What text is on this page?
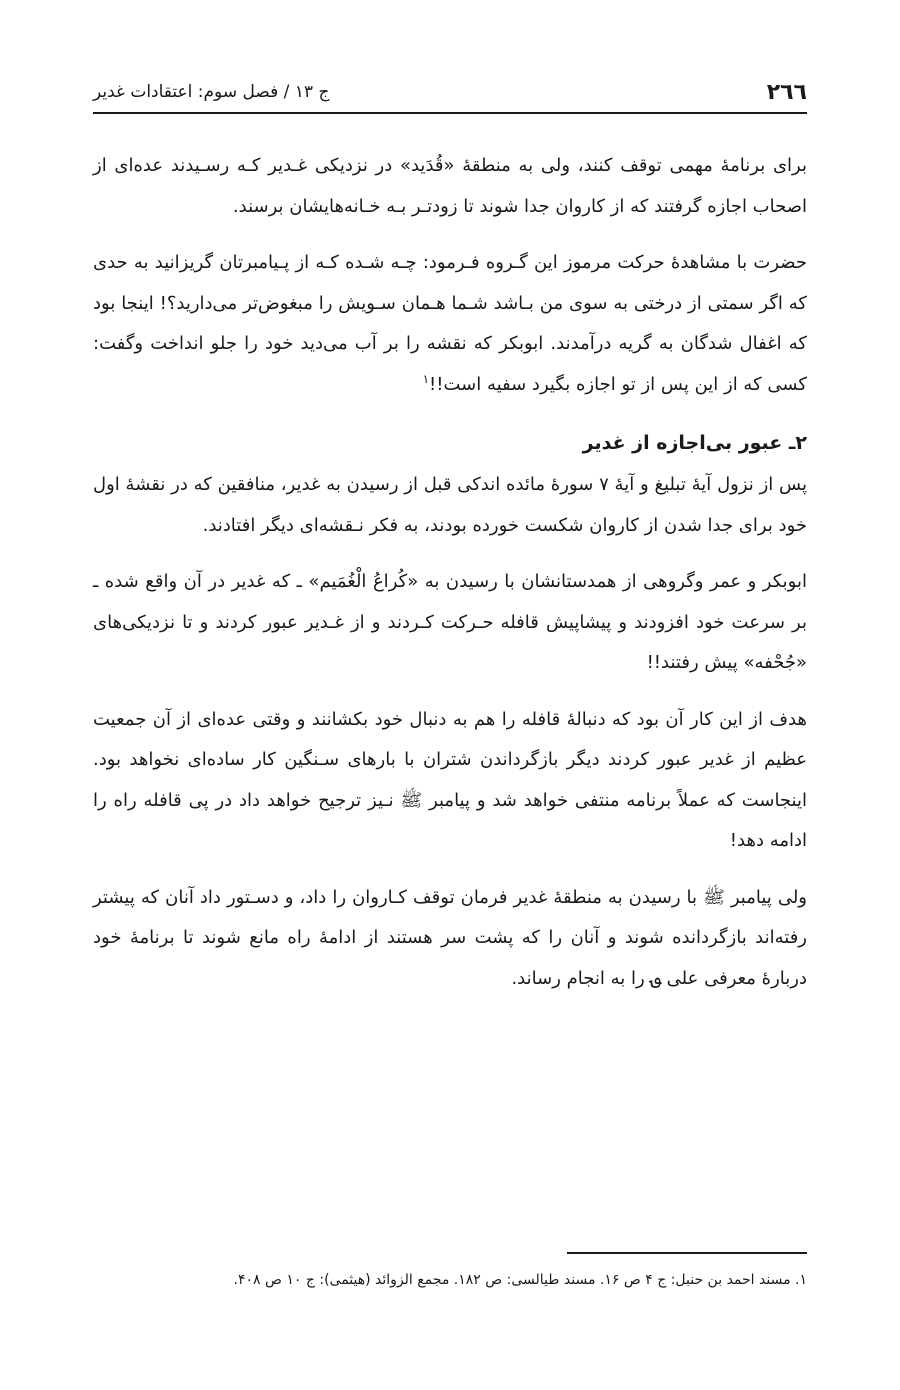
۲٦٦
ج ۱۳ / فصل سوم: اعتقادات غدیر

برای برنامۀ مهمی توقف کنند، ولی به منطقۀ «قُدَید» در نزدیکی غـدیر کـه رسـیدند عده‌ای از اصحاب اجازه گرفتند که از کاروان جدا شوند تا زودتـر بـه خـانه‌هایشان برسند.

حضرت با مشاهدۀ حرکت مرموز این گـروه فـرمود: چـه شـده کـه از پـیامبرتان گریزانید به حدی که اگر سمتی از درختی به سوی من بـاشد شـما هـمان سـویش را مبغوض‌تر می‌دارید؟! اینجا بود که اغفال شدگان به گریه درآمدند. ابوبکر که نقشه را بر آب می‌دید خود را جلو انداخت وگفت: کسی که از این پس از تو اجازه بگیرد سفیه است!!$^۱$

۲ـ عبور بی‌اجازه از غدیر

پس از نزول آیۀ تبلیغ و آیۀ ۷ سورۀ مائده اندکی قبل از رسیدن به غدیر، منافقین که در نقشۀ اول خود برای جدا شدن از کاروان شکست خورده بودند، به فکر نـقشه‌ای دیگر افتادند.

ابوبکر و عمر وگروهی از همدستانشان با رسیدن به «کُراعُ الْغُمَیم» ـ که غدیر در آن واقع شده ـ بر سرعت خود افزودند و پیشاپیش قافله حـرکت کـردند و از غـدیر عبور کردند و تا نزدیکی‌های «جُحْفه» پیش رفتند!!

هدف از این کار آن بود که دنبالۀ قافله را هم به دنبال خود بکشانند و وقتی عده‌ای از آن جمعیت عظیم از غدیر عبور کردند دیگر بازگرداندن شتران با بارهای سـنگین کار ساده‌ای نخواهد بود. اینجاست که عملاً برنامه منتفی خواهد شد و پیامبر ﷺ نـیز ترجیح خواهد داد در پی قافله راه را ادامه دهد!

ولی پیامبر ﷺ با رسیدن به منطقۀ غدیر فرمان توقف کـاروان را داد، و دسـتور داد آنان که پیشتر رفته‌اند بازگردانده شوند و آنان را که پشت سر هستند از ادامۀ راه مانع شوند تا برنامۀ خود دربارۀ معرفی علی ؈ را به انجام رساند.

۱. مسند احمد بن حنبل: ج ۴ ص ۱۶. مسند طیالسی: ص ۱۸۲. مجمع الزوائد (هیثمی): ج ۱۰ ص ۴۰۸.
